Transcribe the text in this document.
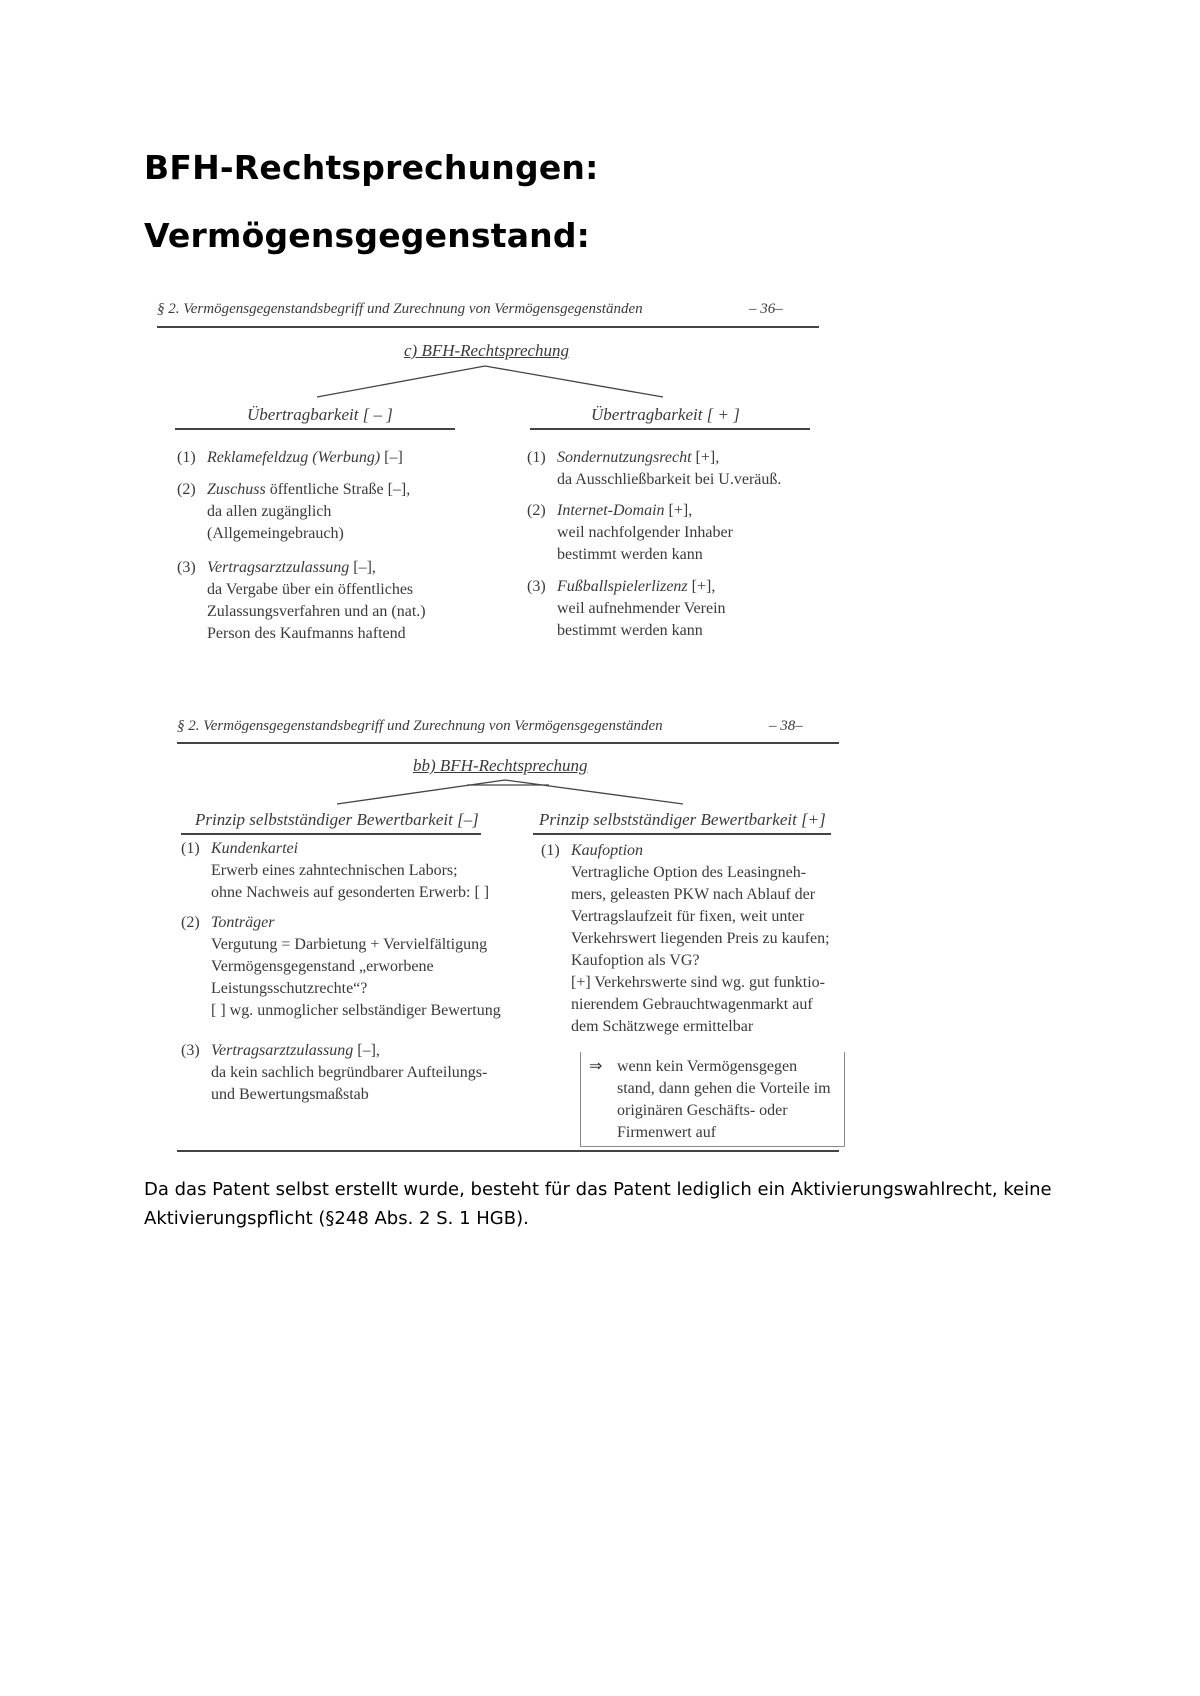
BFH-Rechtsprechungen:
Vermögensgegenstand:
§ 2. Vermögensgegenstandsbegriff und Zurechnung von Vermögensgegenständen	– 36–
c) BFH-Rechtsprechung
Übertragbarkeit [ – ]	Übertragbarkeit [ + ]
(1) Reklamefeldzug (Werbung) [–]
(2) Zuschuss öffentliche Straße [–],
da allen zugänglich
(Allgemeingebrauch)
(3) Vertragsarztzulassung [–],
da Vergabe über ein öffentliches
Zulassungsverfahren und an (nat.)
Person des Kaufmanns haftend
(1) Sondernutzungsrecht [+],
da Ausschließbarkeit bei U.veräuß.
(2) Internet-Domain [+],
weil nachfolgender Inhaber
bestimmt werden kann
(3) Fußballspielerlizenz [+],
weil aufnehmender Verein
bestimmt werden kann
§ 2. Vermögensgegenstandsbegriff und Zurechnung von Vermögensgegenständen	– 38–
bb) BFH-Rechtsprechung
Prinzip selbstständiger Bewertbarkeit [–]	Prinzip selbstständiger Bewertbarkeit [+]
(1) Kundenkartei
Erwerb eines zahntechnischen Labors;
ohne Nachweis auf gesonderten Erwerb: [ ]
(2) Tonträger
Vergutung = Darbietung + Vervielfältigung
Vermögensgegenstand „erworbene
Leistungsschutzrechte“?
[ ] wg. unmoglicher selbständiger Bewertung
(3) Vertragsarztzulassung [–],
da kein sachlich begründbarer Aufteilungs-
und Bewertungsmaßstab
(1) Kaufoption
Vertragliche Option des Leasingneh-
mers, geleasten PKW nach Ablauf der
Vertragslaufzeit für fixen, weit unter
Verkehrswert liegenden Preis zu kaufen;
Kaufoption als VG?
[+] Verkehrswerte sind wg. gut funktio-
nierendem Gebrauchtwagenmarkt auf
dem Schätzwege ermittelbar
⇒ wenn kein Vermögensgegen stand, dann gehen die Vorteile im originären Geschäfts- oder Firmenwert auf

Da das Patent selbst erstellt wurde, besteht für das Patent lediglich ein Aktivierungswahlrecht, keine Aktivierungspflicht (§248 Abs. 2 S. 1 HGB).
